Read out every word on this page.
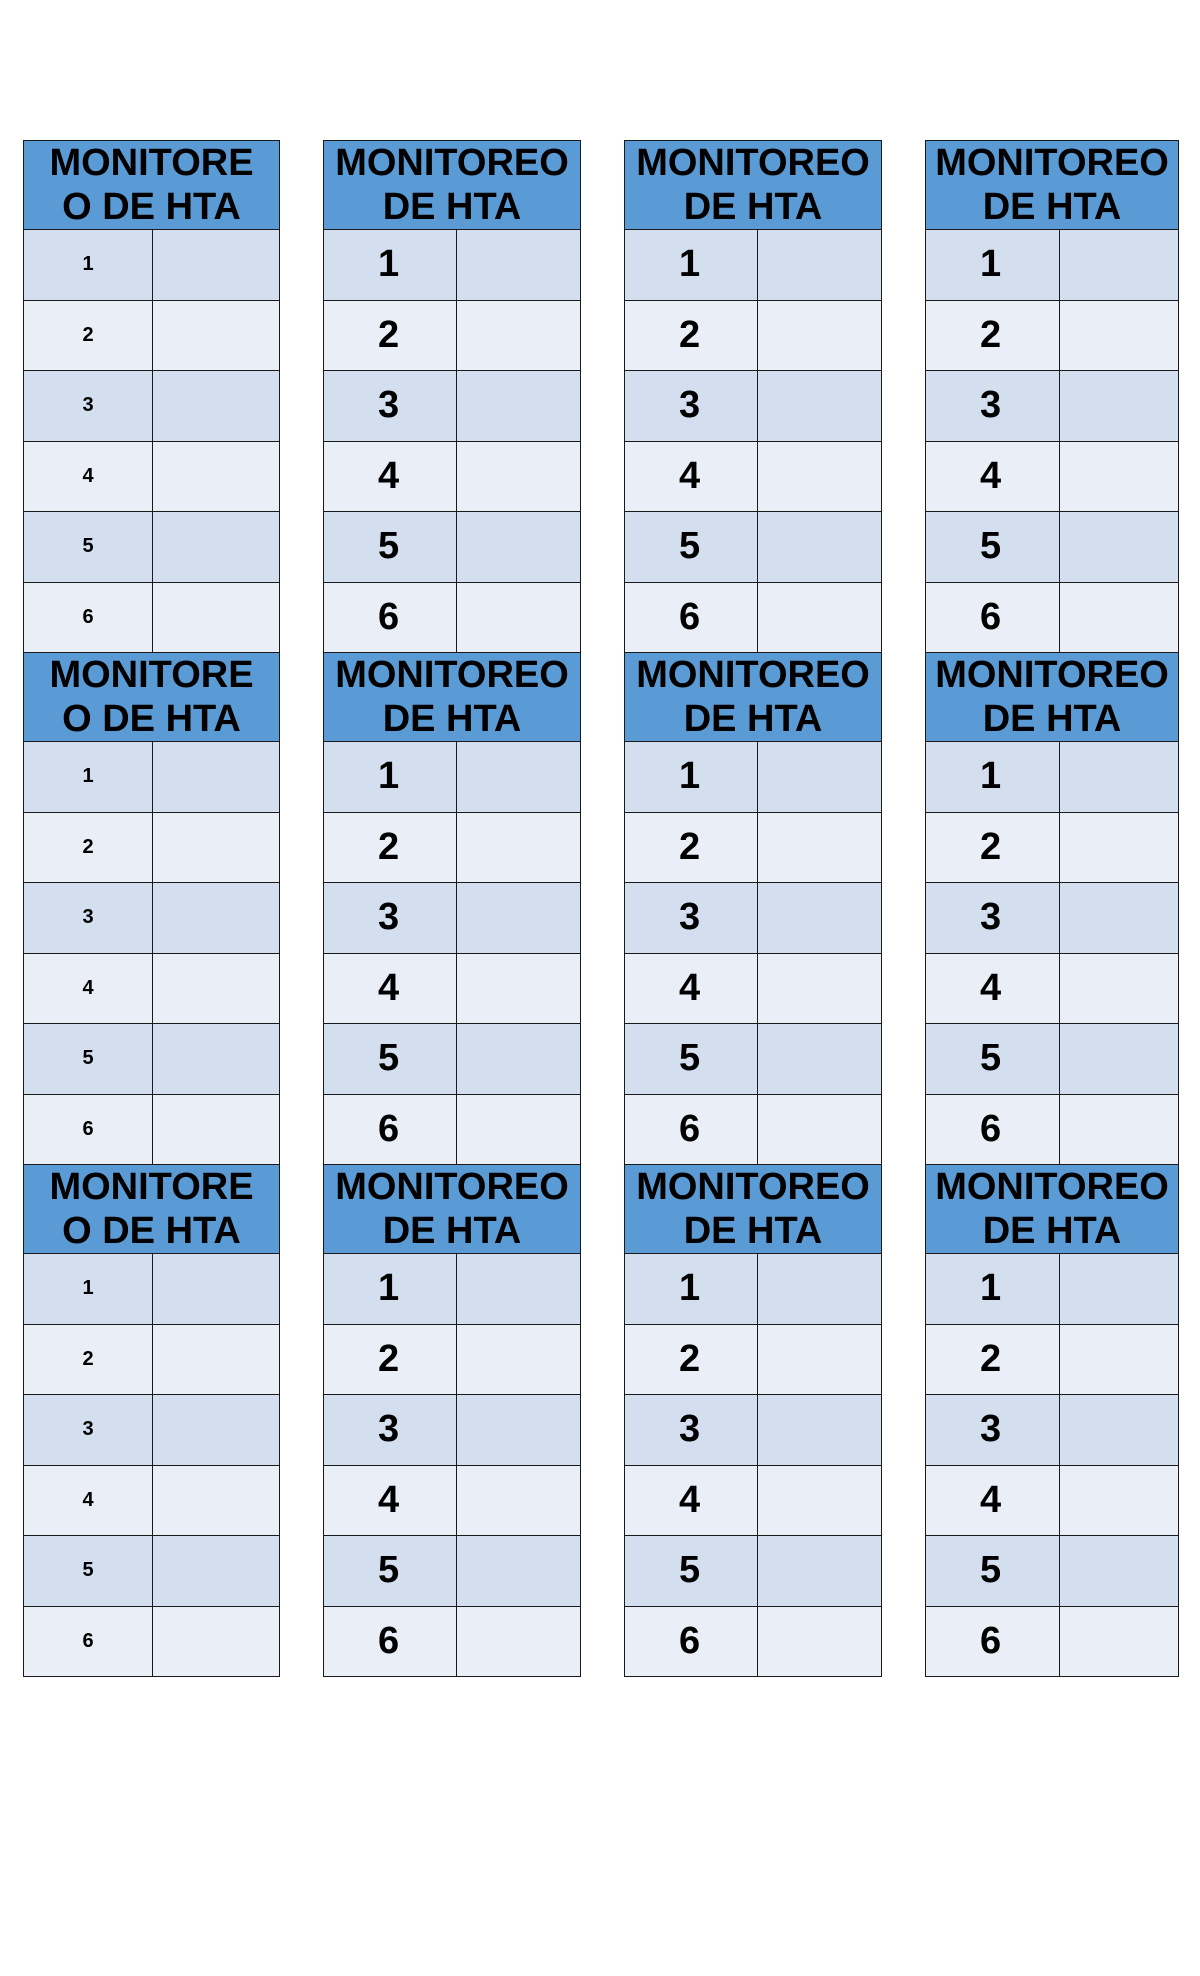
MONITORE
O DE HTA			MONITOREO
DE HTA			MONITOREO
DE HTA			MONITOREO
DE HTA	

1			1			1			1	
2			2			2			2	
3			3			3			3	
4			4			4			4	
5			5			5			5	
6			6			6			6	

MONITORE
O DE HTA			MONITOREO
DE HTA			MONITOREO
DE HTA			MONITOREO
DE HTA	

1			1			1			1	
2			2			2			2	
3			3			3			3	
4			4			4			4	
5			5			5			5	
6			6			6			6	

MONITORE
O DE HTA			MONITOREO
DE HTA			MONITOREO
DE HTA			MONITOREO
DE HTA	

1			1			1			1	
2			2			2			2	
3			3			3			3	
4			4			4			4	
5			5			5			5	
6			6			6			6	
